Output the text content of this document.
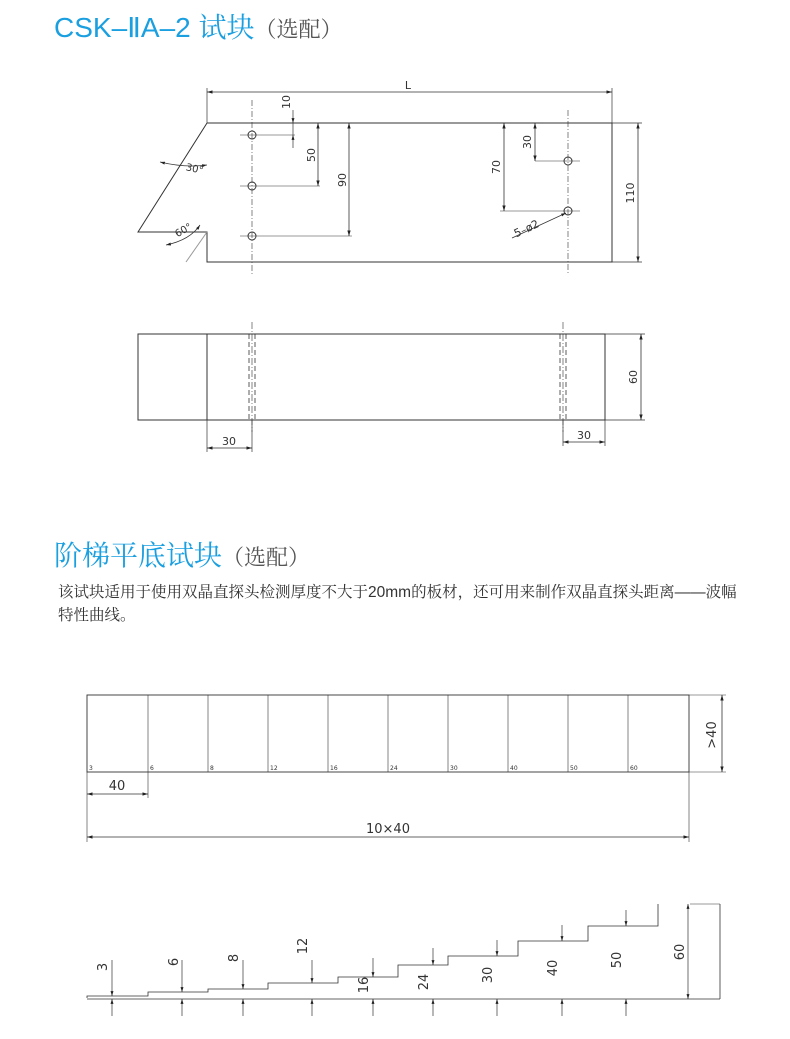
CSK–ⅡA–2 试块（选配）
L
10
50
90
30
70
110
30°
60°	5–ø2
60
30	30
3	6	8	12	16	24	30	40	50	60
>40
40
10×40
3
6	8
12
16	24	30	40	50	60
阶梯平底试块（选配）
该试块适用于使用双晶直探头检测厚度不大于20mm的板材，还可用来制作双晶直探头距离——波幅特性曲线。
